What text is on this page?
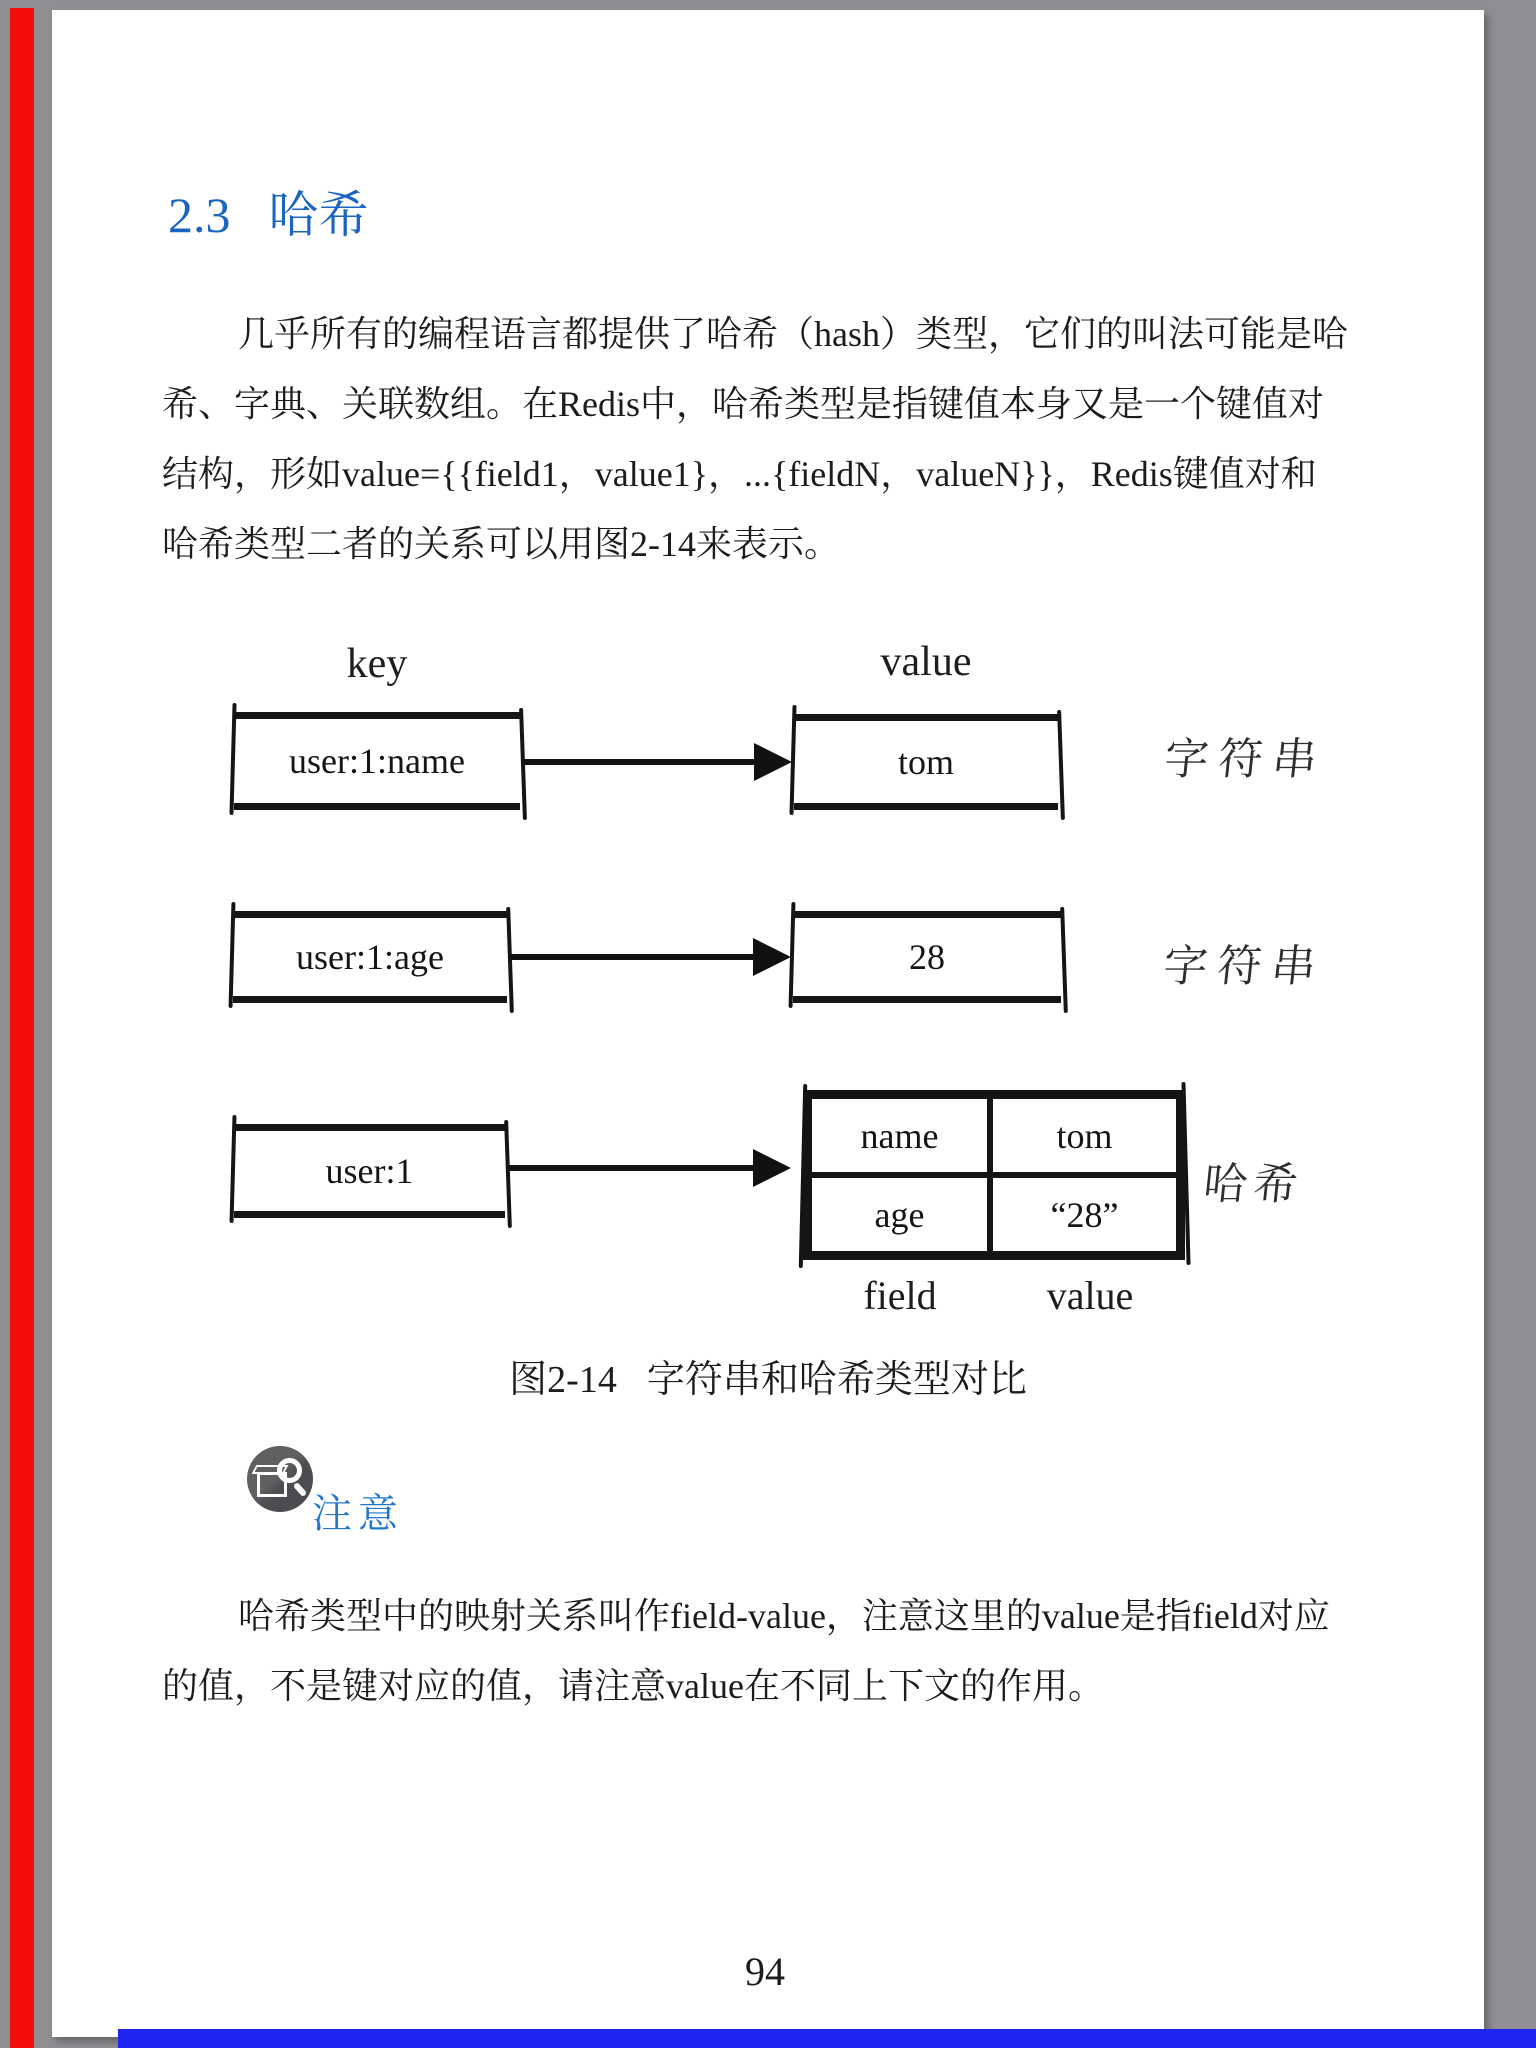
2.3 哈希
几乎所有的编程语言都提供了哈希（hash）类型，它们的叫法可能是哈
希、字典、关联数组。在Redis中，哈希类型是指键值本身又是一个键值对
结构，形如value={{field1，value1}，...{fieldN，valueN}}，Redis键值对和
哈希类型二者的关系可以用图2-14来表示。
key	value
user:1:name	tom	字符串
user:1:age	28	字符串
user:1
name	tom
age	“28”
哈希
field	value
图2-14 字符串和哈希类型对比
注意
哈希类型中的映射关系叫作field-value，注意这里的value是指field对应
的值，不是键对应的值，请注意value在不同上下文的作用。
94
